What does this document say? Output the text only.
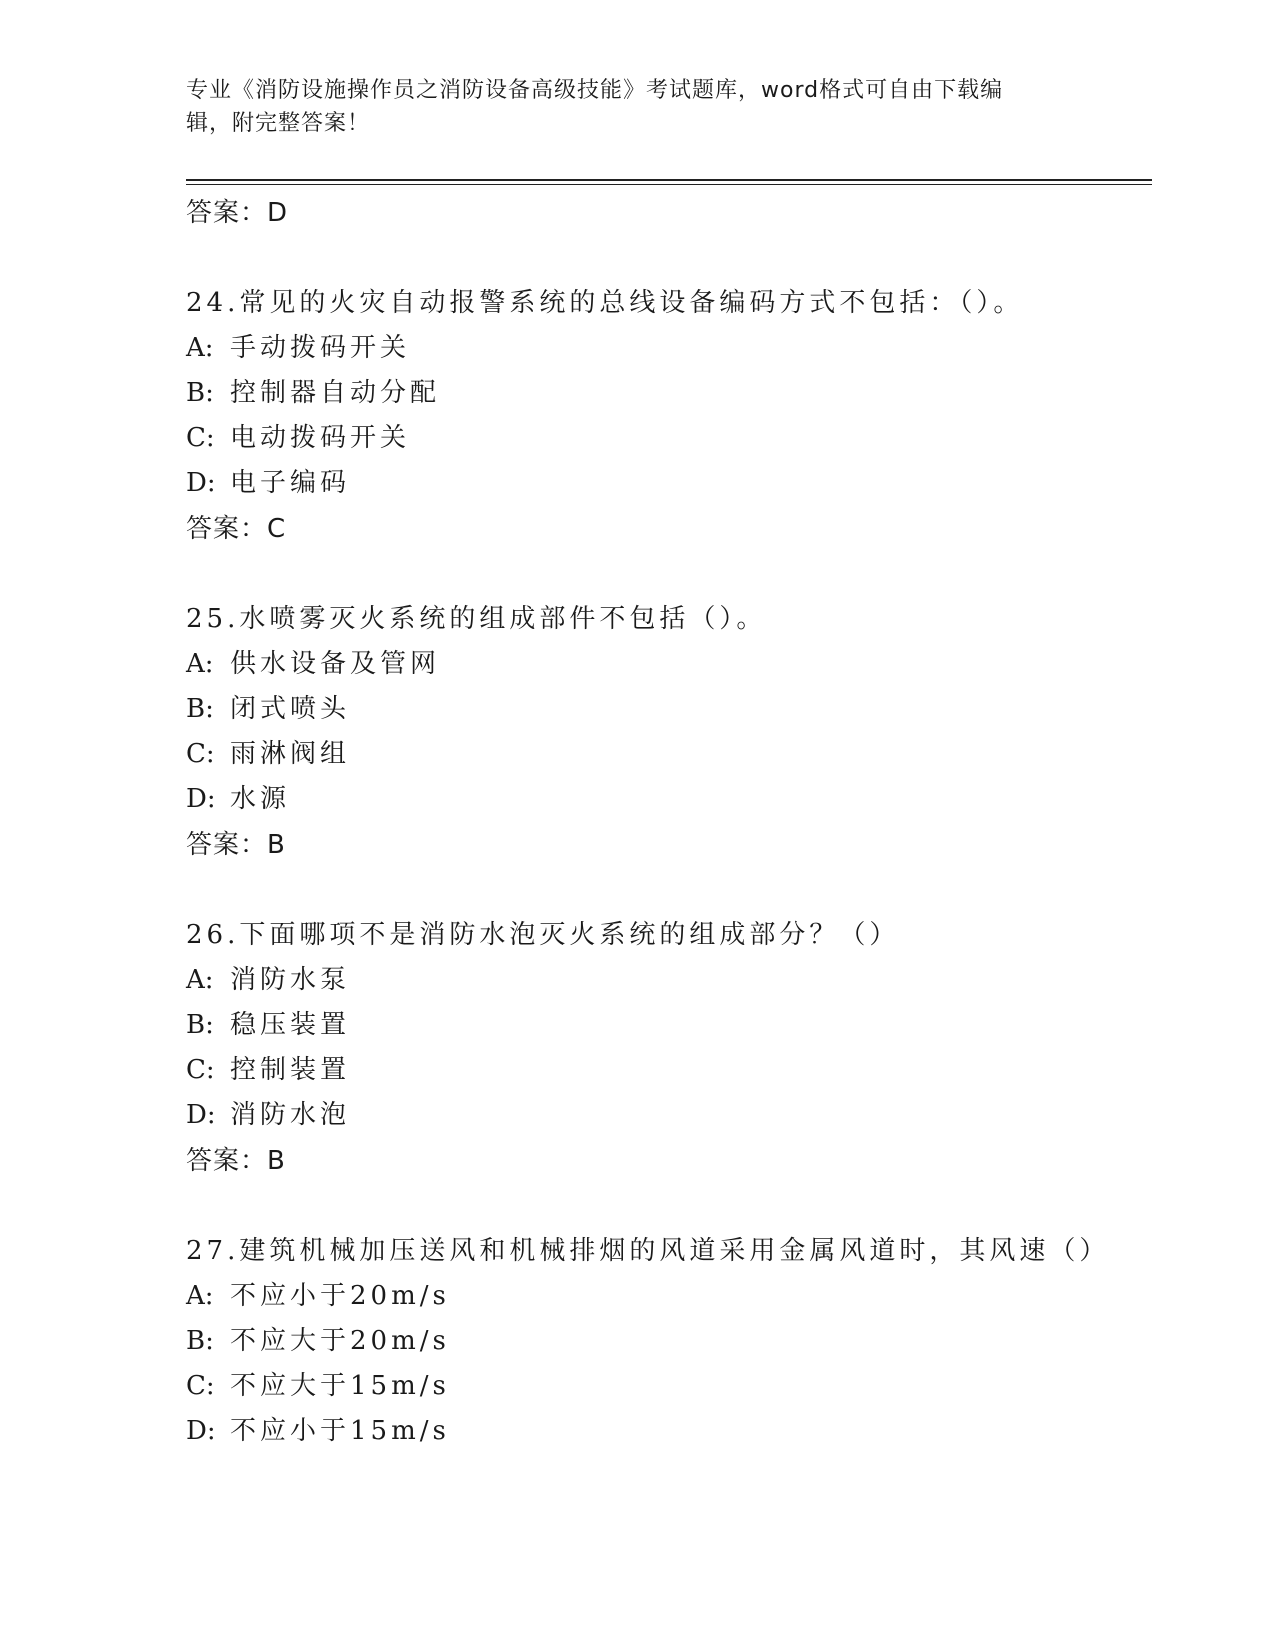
专业《消防设施操作员之消防设备高级技能》考试题库，word格式可自由下载编
辑，附完整答案！
答案：D
24.常见的火灾自动报警系统的总线设备编码方式不包括：（）。
A: 手动拨码开关
B: 控制器自动分配
C: 电动拨码开关
D: 电子编码
答案：C
25.水喷雾灭火系统的组成部件不包括（）。
A: 供水设备及管网
B: 闭式喷头
C: 雨淋阀组
D: 水源
答案：B
26.下面哪项不是消防水泡灭火系统的组成部分？（）
A: 消防水泵
B: 稳压装置
C: 控制装置
D: 消防水泡
答案：B
27.建筑机械加压送风和机械排烟的风道采用金属风道时，其风速（）
A: 不应小于20m/s
B: 不应大于20m/s
C: 不应大于15m/s
D: 不应小于15m/s
